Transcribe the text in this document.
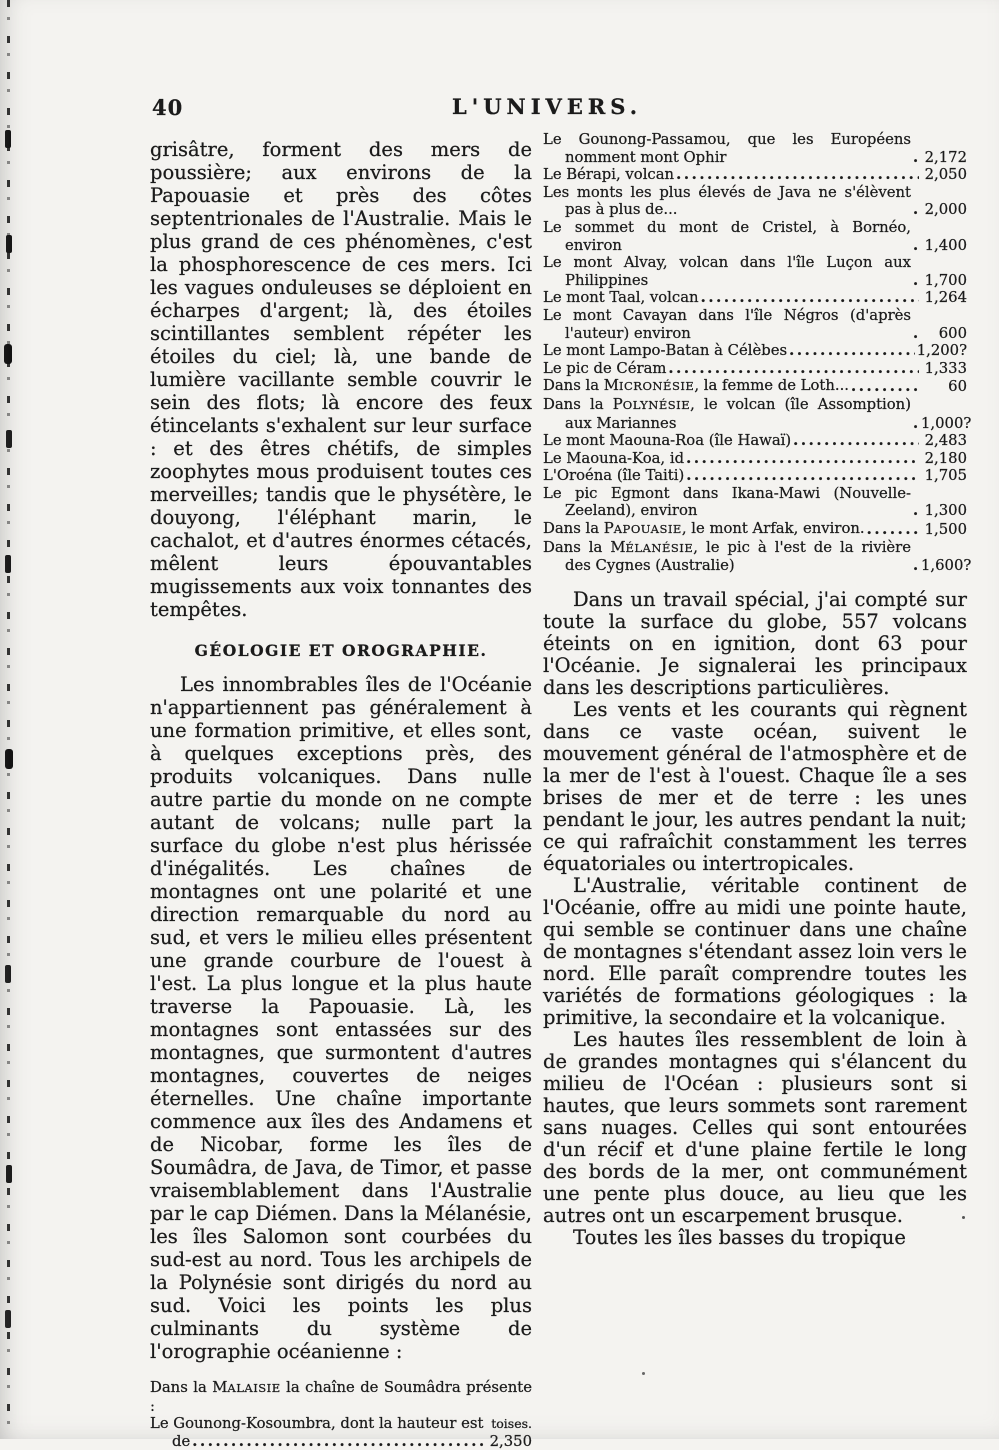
40	L'UNIVERS.

grisâtre, forment des mers de poussière; aux environs de la Papouasie et près des côtes septentrionales de l'Australie. Mais le plus grand de ces phénomènes, c'est la phosphorescence de ces mers. Ici les vagues onduleuses se déploient en écharpes d'argent; là, des étoiles scintillantes semblent répéter les étoiles du ciel; là, une bande de lumière vacillante semble couvrir le sein des flots; là encore des feux étincelants s'exhalent sur leur surface : et des êtres chétifs, de simples zoophytes mous produisent toutes ces merveilles; tandis que le physétère, le douyong, l'éléphant marin, le cachalot, et d'autres énormes cétacés, mêlent leurs épouvantables mugissements aux voix tonnantes des tempêtes.

GÉOLOGIE ET OROGRAPHIE.

Les innombrables îles de l'Océanie n'appartiennent pas généralement à une formation primitive, et elles sont, à quelques exceptions près, des produits volcaniques. Dans nulle autre partie du monde on ne compte autant de volcans; nulle part la surface du globe n'est plus hérissée d'inégalités. Les chaînes de montagnes ont une polarité et une direction remarquable du nord au sud, et vers le milieu elles présentent une grande courbure de l'ouest à l'est. La plus longue et la plus haute traverse la Papouasie. Là, les montagnes sont entassées sur des montagnes, que surmontent d'autres montagnes, couvertes de neiges éternelles. Une chaîne importante commence aux îles des Andamens et de Nicobar, forme les îles de Soumâdra, de Java, de Timor, et passe vraisemblablement dans l'Australie par le cap Diémen. Dans la Mélanésie, les îles Salomon sont courbées du sud-est au nord. Tous les archipels de la Polynésie sont dirigés du nord au sud. Voici les points les plus culminants du système de l'orographie océanienne :

Dans la MALAISIE la chaîne de Soumâdra présente :
Le Gounong-Kosoumbra, dont la hauteur est toises.
de .....	2,350
Le Gounong-Passamou, que les Européens nomment mont Ophir .....	2,172
Le Bérapi, volcan .....	2,050
Les monts les plus élevés de Java ne s'élèvent pas à plus de... .....	2,000
Le sommet du mont de Cristel, à Bornéo, environ .....	1,400
Le mont Alvay, volcan dans l'île Luçon aux Philippines .....	1,700
Le mont Taal, volcan .....	1,264
Le mont Cavayan dans l'île Négros (d'après l'auteur) environ .....	600
Le mont Lampo-Batan à Célèbes .....	1,200?
Le pic de Céram .....	1,333
Dans la MICRONÉSIE, la femme de Loth... .....	60
Dans la POLYNÉSIE, le volcan (île Assomption) aux Mariannes .....	1,000?
Le mont Maouna-Roa (île Hawaï) .....	2,483
Le Maouna-Koa, id .....	2,180
L'Oroéna (île Taiti) .....	1,705
Le pic Egmont dans Ikana-Mawi (Nouvelle-Zeeland), environ .....	1,300
Dans la PAPOUASIE, le mont Arfak, environ. .....	1,500
Dans la MÉLANÉSIE, le pic à l'est de la rivière des Cygnes (Australie) .....	1,600?

Dans un travail spécial, j'ai compté sur toute la surface du globe, 557 volcans éteints on en ignition, dont 63 pour l'Océanie. Je signalerai les principaux dans les descriptions particulières.

Les vents et les courants qui règnent dans ce vaste océan, suivent le mouvement général de l'atmosphère et de la mer de l'est à l'ouest. Chaque île a ses brises de mer et de terre : les unes pendant le jour, les autres pendant la nuit; ce qui rafraîchit constamment les terres équatoriales ou intertropicales.

L'Australie, véritable continent de l'Océanie, offre au midi une pointe haute, qui semble se continuer dans une chaîne de montagnes s'étendant assez loin vers le nord. Elle paraît comprendre toutes les variétés de formations géologiques : la primitive, la secondaire et la volcanique.

Les hautes îles ressemblent de loin à de grandes montagnes qui s'élancent du milieu de l'Océan : plusieurs sont si hautes, que leurs sommets sont rarement sans nuages. Celles qui sont entourées d'un récif et d'une plaine fertile le long des bords de la mer, ont communément une pente plus douce, au lieu que les autres ont un escarpement brusque.

Toutes les îles basses du tropique
